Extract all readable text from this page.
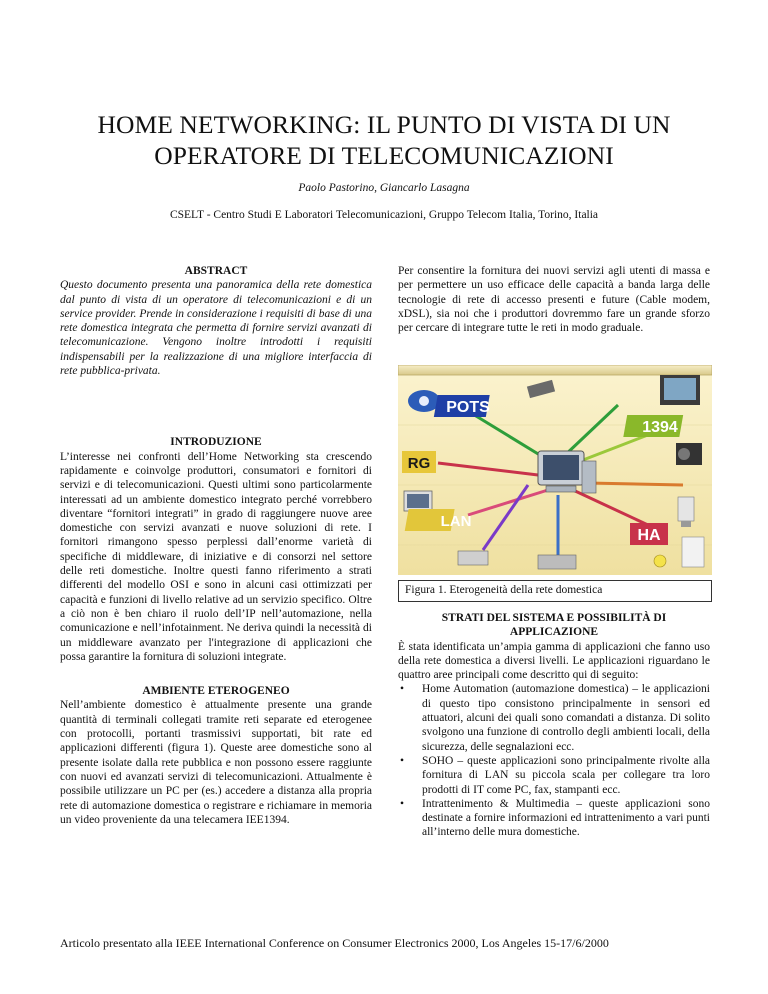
HOME NETWORKING: IL PUNTO DI VISTA DI UN OPERATORE DI TELECOMUNICAZIONI
Paolo Pastorino, Giancarlo Lasagna
CSELT - Centro Studi E Laboratori Telecomunicazioni, Gruppo Telecom Italia, Torino, Italia

ABSTRACT

Questo documento presenta una panoramica della rete domestica dal punto di vista di un operatore di telecomunicazioni e di un service provider. Prende in considerazione i requisiti di base di una rete domestica integrata che permetta di fornire servizi avanzati di telecomunicazione. Vengono inoltre introdotti i requisiti indispensabili per la realizzazione di una migliore interfaccia di rete pubblica-privata.

INTRODUZIONE

L’interesse nei confronti dell’Home Networking sta crescendo rapidamente e coinvolge produttori, consumatori e fornitori di servizi e di telecomunicazioni. Questi ultimi sono particolarmente interessati ad un ambiente domestico integrato perché vorrebbero diventare “fornitori integrati” in grado di raggiungere nuove aree domestiche con servizi avanzati e nuove soluzioni di rete. I fornitori rimangono spesso perplessi dall’enorme varietà di specifiche di middleware, di iniziative e di consorzi nel settore delle reti domestiche. Inoltre questi fanno riferimento a strati differenti del modello OSI e sono in alcuni casi ottimizzati per capacità e funzioni di livello relative ad un servizio specifico. Oltre a ciò non è ben chiaro il ruolo dell’IP nell’automazione, nella comunicazione e nell’infotainment. Ne deriva quindi la necessità di un middleware avanzato per l'integrazione di applicazioni che possa garantire la fornitura di soluzioni integrate.

AMBIENTE ETEROGENEO

Nell’ambiente domestico è attualmente presente una grande quantità di terminali collegati tramite reti separate ed eterogenee con protocolli, portanti trasmissivi supportati, bit rate ed applicazioni differenti (figura 1). Queste aree domestiche sono al presente isolate dalla rete pubblica e non possono essere raggiunte con nuovi ed avanzati servizi di telecomunicazioni. Attualmente è possibile utilizzare un PC per (es.) accedere a distanza alla propria rete di automazione domestica o registrare e richiamare in memoria un video proveniente da una telecamera IEE1394.

Per consentire la fornitura dei nuovi servizi agli utenti di massa e per permettere un uso efficace delle capacità a banda larga delle tecnologie di rete di accesso presenti e future (Cable modem, xDSL), sia noi che i produttori dovremmo fare un grande sforzo per cercare di integrare tutte le reti in modo graduale.

POTS
1394
RG
LAN
HA
Figura 1. Eterogeneità della rete domestica

STRATI DEL SISTEMA E POSSIBILITÀ DI APPLICAZIONE

È stata identificata un’ampia gamma di applicazioni che fanno uso della rete domestica a diversi livelli. Le applicazioni riguardano le quattro aree principali come descritto qui di seguito:

• Home Automation (automazione domestica) – le applicazioni di questo tipo consistono principalmente in sensori ed attuatori, alcuni dei quali sono comandati a distanza. Di solito svolgono una funzione di controllo degli ambienti locali, della sicurezza, delle segnalazioni ecc.
• SOHO – queste applicazioni sono principalmente rivolte alla fornitura di LAN su piccola scala per collegare tra loro prodotti di IT come PC, fax, stampanti ecc.
• Intrattenimento & Multimedia – queste applicazioni sono destinate a fornire informazioni ed intrattenimento a vari punti all’interno delle mura domestiche.
Articolo presentato alla IEEE International Conference on Consumer Electronics 2000, Los Angeles 15-17/6/2000
